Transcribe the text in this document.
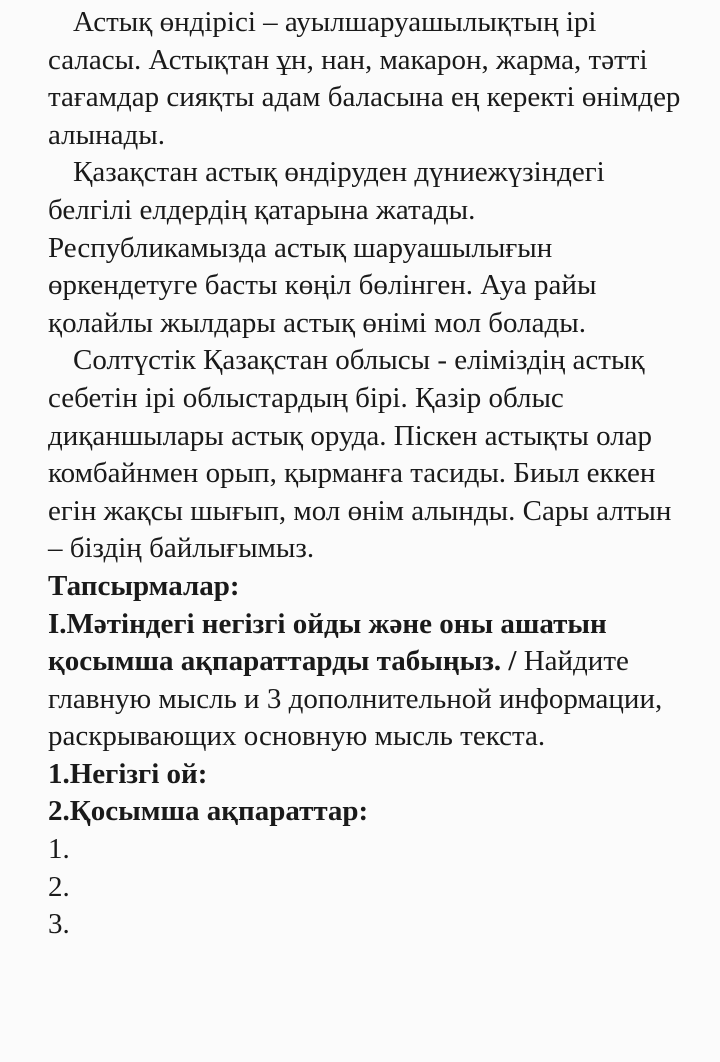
Астық өндірісі – ауылшаруашылықтың ірі саласы. Астықтан ұн, нан, макарон, жарма, тәтті тағамдар сияқты адам баласына ең керекті өнімдер алынады.

Қазақстан астық өндіруден дүниежүзіндегі белгілі елдердің қатарына жатады. Республикамызда астық шаруашылығын өркендетуге басты көңіл бөлінген. Ауа райы қолайлы жылдары астық өнімі мол болады.

Солтүстік Қазақстан облысы - еліміздің астық себетін ірі облыстардың бірі. Қазір облыс диқаншылары астық оруда. Піскен астықты олар комбайнмен орып, қырманға тасиды. Биыл еккен егін жақсы шығып, мол өнім алынды. Сары алтын – біздің байлығымыз.

Тапсырмалар:

I.Мәтіндегі негізгі ойды және оны ашатын қосымша ақпараттарды табыңыз. / Найдите главную мысль и 3 дополнительной информации, раскрывающих основную мысль текста.

1.Негізгі ой:

2.Қосымша ақпараттар:

1.

2.

3.
